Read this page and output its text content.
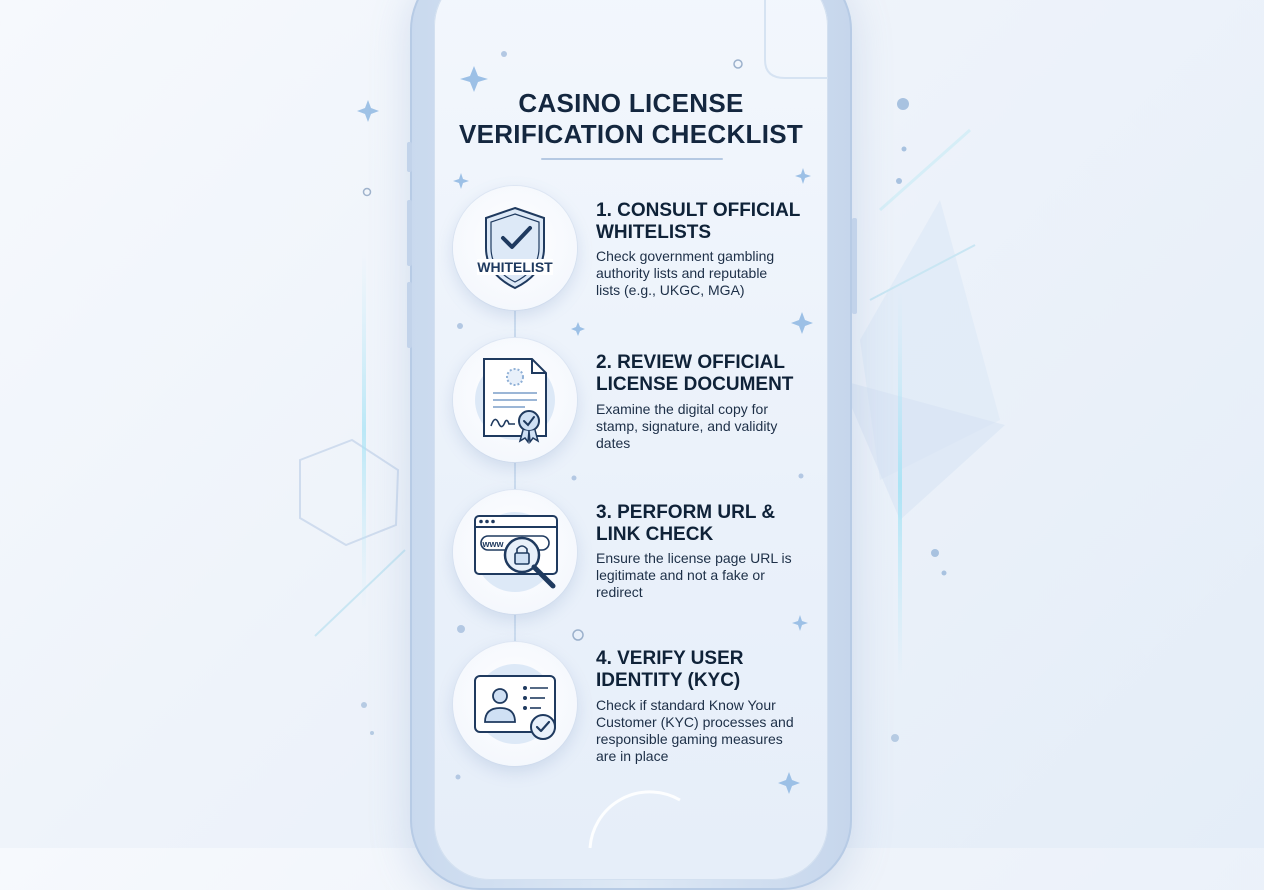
CASINO LICENSE
VERIFICATION CHECKLIST
WHITELIST
1. CONSULT OFFICIAL
WHITELISTS

Check government gambling
authority lists and reputable
lists (e.g., UKGC, MGA)

2. REVIEW OFFICIAL
LICENSE DOCUMENT

Examine the digital copy for
stamp, signature, and validity
dates

www
3. PERFORM URL &
LINK CHECK

Ensure the license page URL is
legitimate and not a fake or
redirect

4. VERIFY USER
IDENTITY (KYC)

Check if standard Know Your
Customer (KYC) processes and
responsible gaming measures
are in place
